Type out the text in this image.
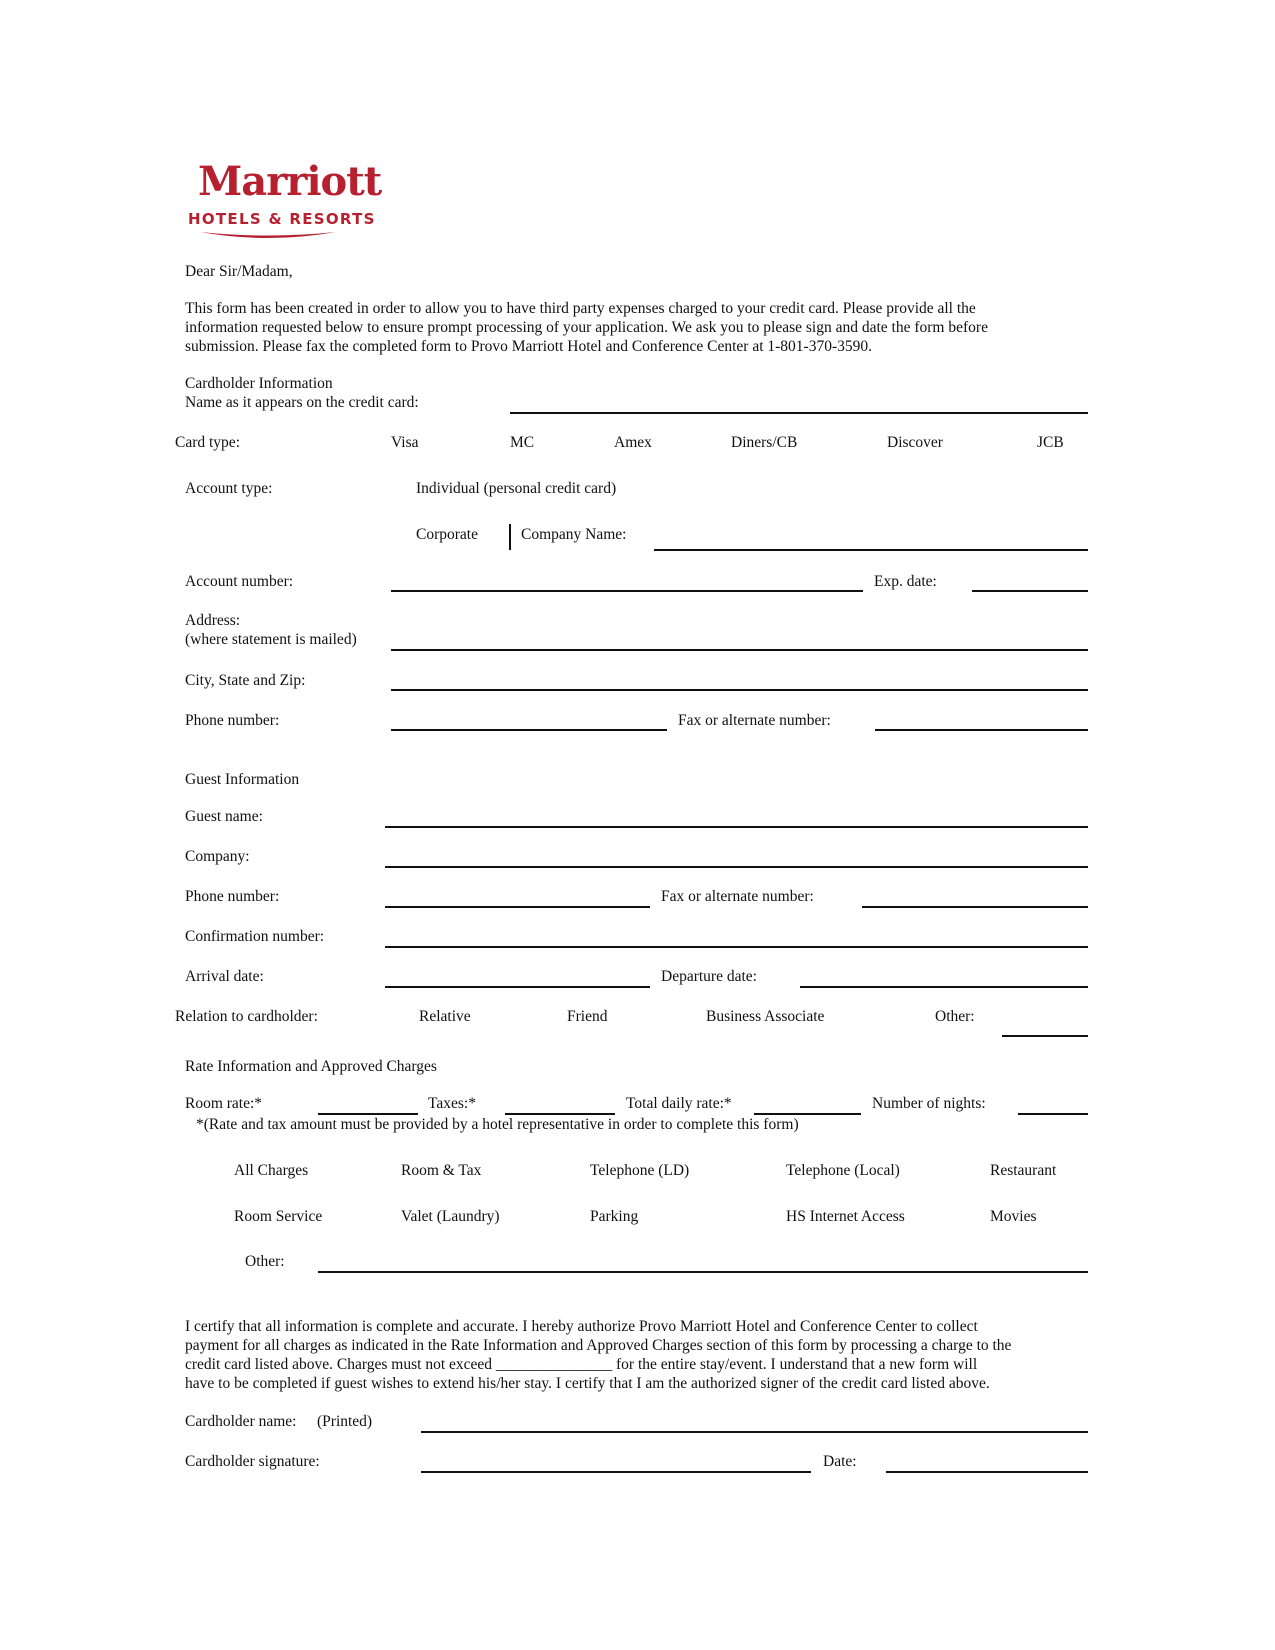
Marriott
HOTELS & RESORTS
Dear Sir/Madam,
This form has been created in order to allow you to have third party expenses charged to your credit card. Please provide all the
information requested below to ensure prompt processing of your application. We ask you to please sign and date the form before
submission. Please fax the completed form to Provo Marriott Hotel and Conference Center at 1-801-370-3590.
Cardholder Information
Name as it appears on the credit card:
Card type:	Visa	MC	Amex	Diners/CB	Discover	JCB
Account type:	Individual (personal credit card)
Corporate	Company Name:
Account number:	Exp. date:
Address:
(where statement is mailed)
City, State and Zip:
Phone number:	Fax or alternate number:
Guest Information
Guest name:
Company:
Phone number:	Fax or alternate number:
Confirmation number:
Arrival date:	Departure date:
Relation to cardholder:	Relative	Friend	Business Associate	Other:
Rate Information and Approved Charges
Room rate:*	Taxes:*	Total daily rate:*	Number of nights:
*(Rate and tax amount must be provided by a hotel representative in order to complete this form)
All Charges	Room & Tax	Telephone (LD)	Telephone (Local)	Restaurant
Room Service	Valet (Laundry)	Parking	HS Internet Access	Movies
Other:
I certify that all information is complete and accurate. I hereby authorize Provo Marriott Hotel and Conference Center to collect
payment for all charges as indicated in the Rate Information and Approved Charges section of this form by processing a charge to the
credit card listed above. Charges must not exceed _______________ for the entire stay/event. I understand that a new form will
have to be completed if guest wishes to extend his/her stay. I certify that I am the authorized signer of the credit card listed above.
Cardholder name: (Printed)
Cardholder signature:	Date:
